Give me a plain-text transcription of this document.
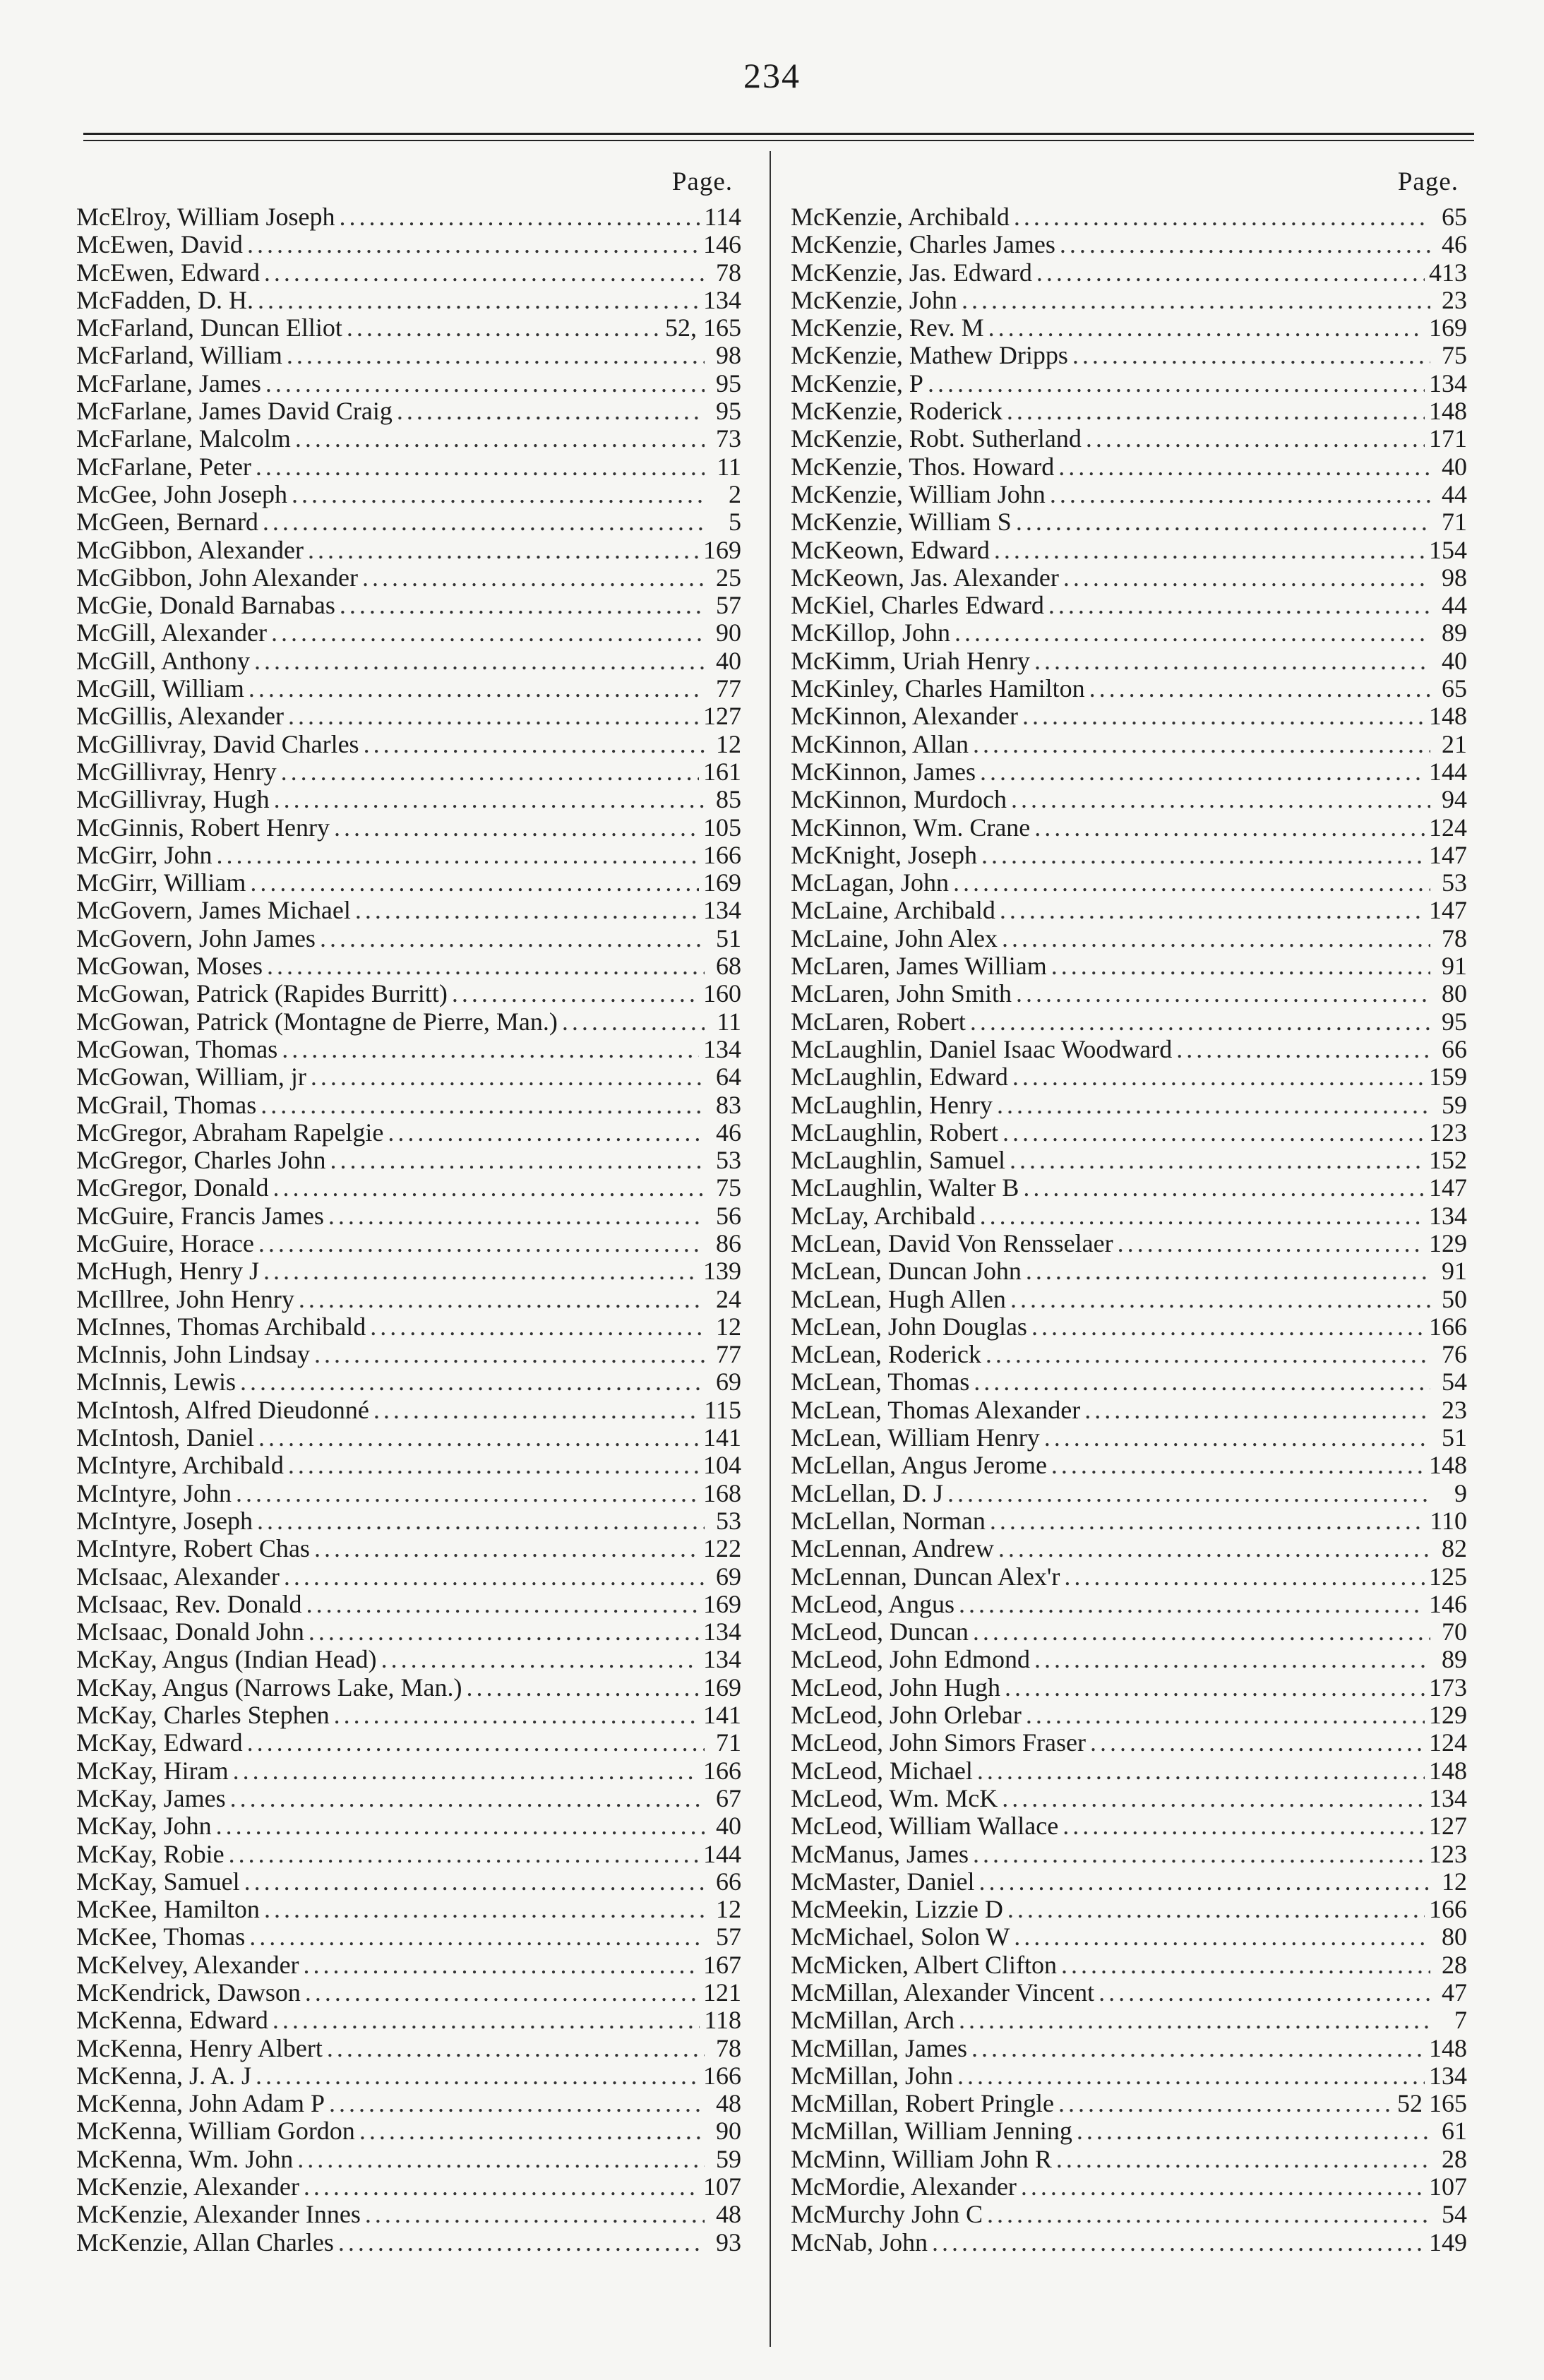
234
Page.
McElroy, William Joseph .....	114
McEwen, David .....	146
McEwen, Edward .....	78
McFadden, D. H. .....	134
McFarland, Duncan Elliot .....	52, 165
McFarland, William .....	98
McFarlane, James .....	95
McFarlane, James David Craig .....	95
McFarlane, Malcolm .....	73
McFarlane, Peter .....	11
McGee, John Joseph .....	2
McGeen, Bernard .....	5
McGibbon, Alexander .....	169
McGibbon, John Alexander .....	25
McGie, Donald Barnabas .....	57
McGill, Alexander .....	90
McGill, Anthony .....	40
McGill, William .....	77
McGillis, Alexander .....	127
McGillivray, David Charles .....	12
McGillivray, Henry .....	161
McGillivray, Hugh .....	85
McGinnis, Robert Henry .....	105
McGirr, John .....	166
McGirr, William .....	169
McGovern, James Michael .....	134
McGovern, John James .....	51
McGowan, Moses .....	68
McGowan, Patrick (Rapides Burritt) .....	160
McGowan, Patrick (Montagne de Pierre, Man.) .....	11
McGowan, Thomas .....	134
McGowan, William, jr .....	64
McGrail, Thomas .....	83
McGregor, Abraham Rapelgie .....	46
McGregor, Charles John .....	53
McGregor, Donald .....	75
McGuire, Francis James .....	56
McGuire, Horace .....	86
McHugh, Henry J .....	139
McIllree, John Henry .....	24
McInnes, Thomas Archibald .....	12
McInnis, John Lindsay .....	77
McInnis, Lewis .....	69
McIntosh, Alfred Dieudonné .....	115
McIntosh, Daniel .....	141
McIntyre, Archibald .....	104
McIntyre, John .....	168
McIntyre, Joseph .....	53
McIntyre, Robert Chas .....	122
McIsaac, Alexander .....	69
McIsaac, Rev. Donald .....	169
McIsaac, Donald John .....	134
McKay, Angus (Indian Head) .....	134
McKay, Angus (Narrows Lake, Man.) .....	169
McKay, Charles Stephen .....	141
McKay, Edward .....	71
McKay, Hiram .....	166
McKay, James .....	67
McKay, John .....	40
McKay, Robie .....	144
McKay, Samuel .....	66
McKee, Hamilton .....	12
McKee, Thomas .....	57
McKelvey, Alexander .....	167
McKendrick, Dawson .....	121
McKenna, Edward .....	118
McKenna, Henry Albert .....	78
McKenna, J. A. J .....	166
McKenna, John Adam P .....	48
McKenna, William Gordon .....	90
McKenna, Wm. John .....	59
McKenzie, Alexander .....	107
McKenzie, Alexander Innes .....	48
McKenzie, Allan Charles .....	93
Page.
McKenzie, Archibald .....	65
McKenzie, Charles James .....	46
McKenzie, Jas. Edward .....	413
McKenzie, John .....	23
McKenzie, Rev. M .....	169
McKenzie, Mathew Dripps .....	75
McKenzie, P .....	134
McKenzie, Roderick .....	148
McKenzie, Robt. Sutherland .....	171
McKenzie, Thos. Howard .....	40
McKenzie, William John .....	44
McKenzie, William S .....	71
McKeown, Edward .....	154
McKeown, Jas. Alexander .....	98
McKiel, Charles Edward .....	44
McKillop, John .....	89
McKimm, Uriah Henry .....	40
McKinley, Charles Hamilton .....	65
McKinnon, Alexander .....	148
McKinnon, Allan .....	21
McKinnon, James .....	144
McKinnon, Murdoch .....	94
McKinnon, Wm. Crane .....	124
McKnight, Joseph .....	147
McLagan, John .....	53
McLaine, Archibald .....	147
McLaine, John Alex .....	78
McLaren, James William .....	91
McLaren, John Smith .....	80
McLaren, Robert .....	95
McLaughlin, Daniel Isaac Woodward .....	66
McLaughlin, Edward .....	159
McLaughlin, Henry .....	59
McLaughlin, Robert .....	123
McLaughlin, Samuel .....	152
McLaughlin, Walter B .....	147
McLay, Archibald .....	134
McLean, David Von Rensselaer .....	129
McLean, Duncan John .....	91
McLean, Hugh Allen .....	50
McLean, John Douglas .....	166
McLean, Roderick .....	76
McLean, Thomas .....	54
McLean, Thomas Alexander .....	23
McLean, William Henry .....	51
McLellan, Angus Jerome .....	148
McLellan, D. J .....	9
McLellan, Norman .....	110
McLennan, Andrew .....	82
McLennan, Duncan Alex'r .....	125
McLeod, Angus .....	146
McLeod, Duncan .....	70
McLeod, John Edmond .....	89
McLeod, John Hugh .....	173
McLeod, John Orlebar .....	129
McLeod, John Simors Fraser .....	124
McLeod, Michael .....	148
McLeod, Wm. McK .....	134
McLeod, William Wallace .....	127
McManus, James .....	123
McMaster, Daniel .....	12
McMeekin, Lizzie D .....	166
McMichael, Solon W .....	80
McMicken, Albert Clifton .....	28
McMillan, Alexander Vincent .....	47
McMillan, Arch .....	7
McMillan, James .....	148
McMillan, John .....	134
McMillan, Robert Pringle .....	52 165
McMillan, William Jenning .....	61
McMinn, William John R .....	28
McMordie, Alexander .....	107
McMurchy John C .....	54
McNab, John .....	149
